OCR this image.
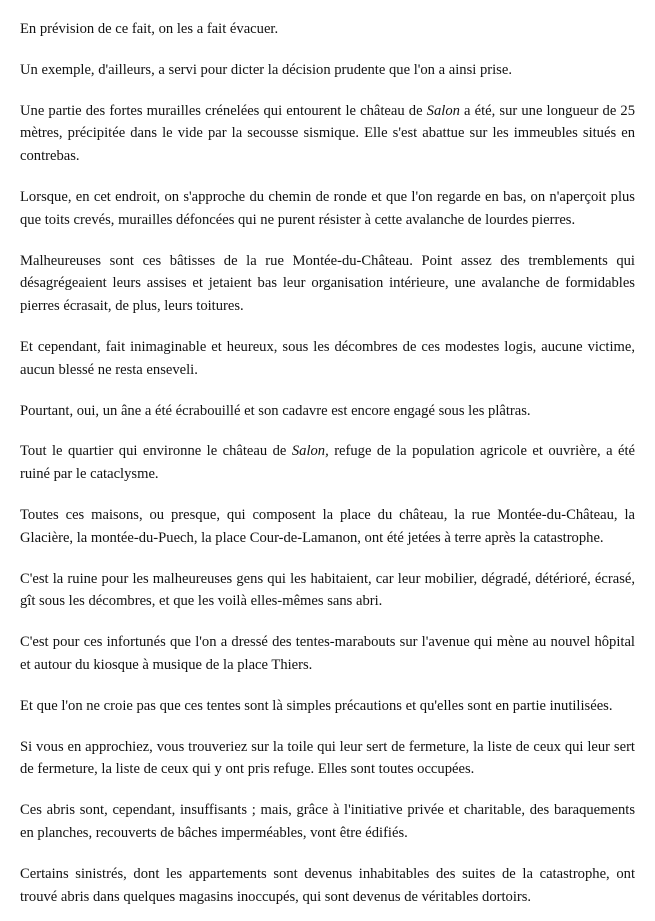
En prévision de ce fait, on les a fait évacuer.

Un exemple, d'ailleurs, a servi pour dicter la décision prudente que l'on a ainsi prise.

Une partie des fortes murailles crénelées qui entourent le château de Salon a été, sur une longueur de 25 mètres, précipitée dans le vide par la secousse sismique. Elle s'est abattue sur les immeubles situés en contrebas.

Lorsque, en cet endroit, on s'approche du chemin de ronde et que l'on regarde en bas, on n'aperçoit plus que toits crevés, murailles défoncées qui ne purent résister à cette avalanche de lourdes pierres.

Malheureuses sont ces bâtisses de la rue Montée-du-Château. Point assez des tremblements qui désagrégeaient leurs assises et jetaient bas leur organisation intérieure, une avalanche de formidables pierres écrasait, de plus, leurs toitures.

Et cependant, fait inimaginable et heureux, sous les décombres de ces modestes logis, aucune victime, aucun blessé ne resta enseveli.

Pourtant, oui, un âne a été écrabouillé et son cadavre est encore engagé sous les plâtras.

Tout le quartier qui environne le château de Salon, refuge de la population agricole et ouvrière, a été ruiné par le cataclysme.

Toutes ces maisons, ou presque, qui composent la place du château, la rue Montée-du-Château, la Glacière, la montée-du-Puech, la place Cour-de-Lamanon, ont été jetées à terre après la catastrophe.

C'est la ruine pour les malheureuses gens qui les habitaient, car leur mobilier, dégradé, détérioré, écrasé, gît sous les décombres, et que les voilà elles-mêmes sans abri.

C'est pour ces infortunés que l'on a dressé des tentes-marabouts sur l'avenue qui mène au nouvel hôpital et autour du kiosque à musique de la place Thiers.

Et que l'on ne croie pas que ces tentes sont là simples précautions et qu'elles sont en partie inutilisées.

Si vous en approchiez, vous trouveriez sur la toile qui leur sert de fermeture, la liste de ceux qui leur sert de fermeture, la liste de ceux qui y ont pris refuge. Elles sont toutes occupées.

Ces abris sont, cependant, insuffisants ; mais, grâce à l'initiative privée et charitable, des baraquements en planches, recouverts de bâches imperméables, vont être édifiés.

Certains sinistrés, dont les appartements sont devenus inhabitables des suites de la catastrophe, ont trouvé abris dans quelques magasins inoccupés, qui sont devenus de véritables dortoirs.
